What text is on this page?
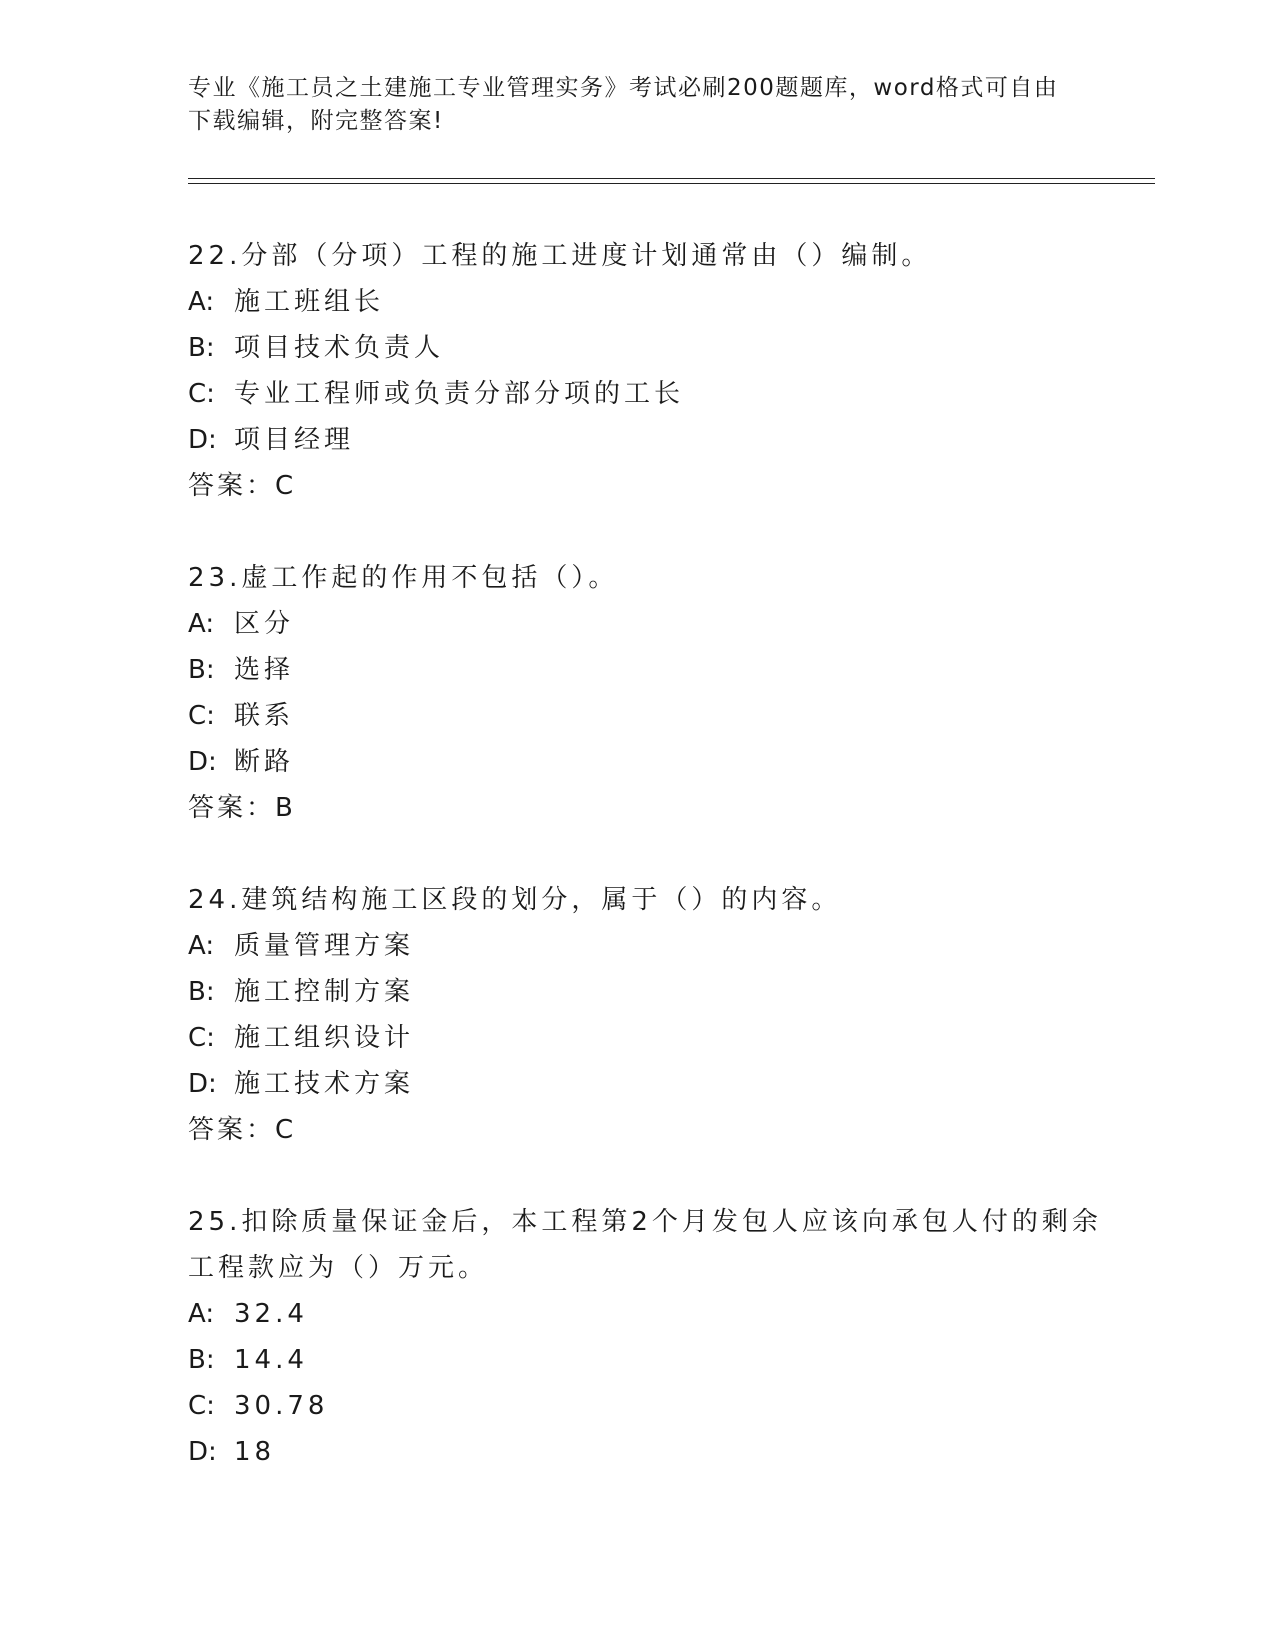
专业《施工员之土建施工专业管理实务》考试必刷200题题库，word格式可自由
下载编辑，附完整答案!

22.分部（分项）工程的施工进度计划通常由（）编制。

A: 施工班组长

B: 项目技术负责人

C: 专业工程师或负责分部分项的工长

D: 项目经理

答案：C

23.虚工作起的作用不包括（）。

A: 区分

B: 选择

C: 联系

D: 断路

答案：B

24.建筑结构施工区段的划分，属于（）的内容。

A: 质量管理方案

B: 施工控制方案

C: 施工组织设计

D: 施工技术方案

答案：C

25.扣除质量保证金后，本工程第2个月发包人应该向承包人付的剩余

工程款应为（）万元。

A: 32.4

B: 14.4

C: 30.78

D: 18
